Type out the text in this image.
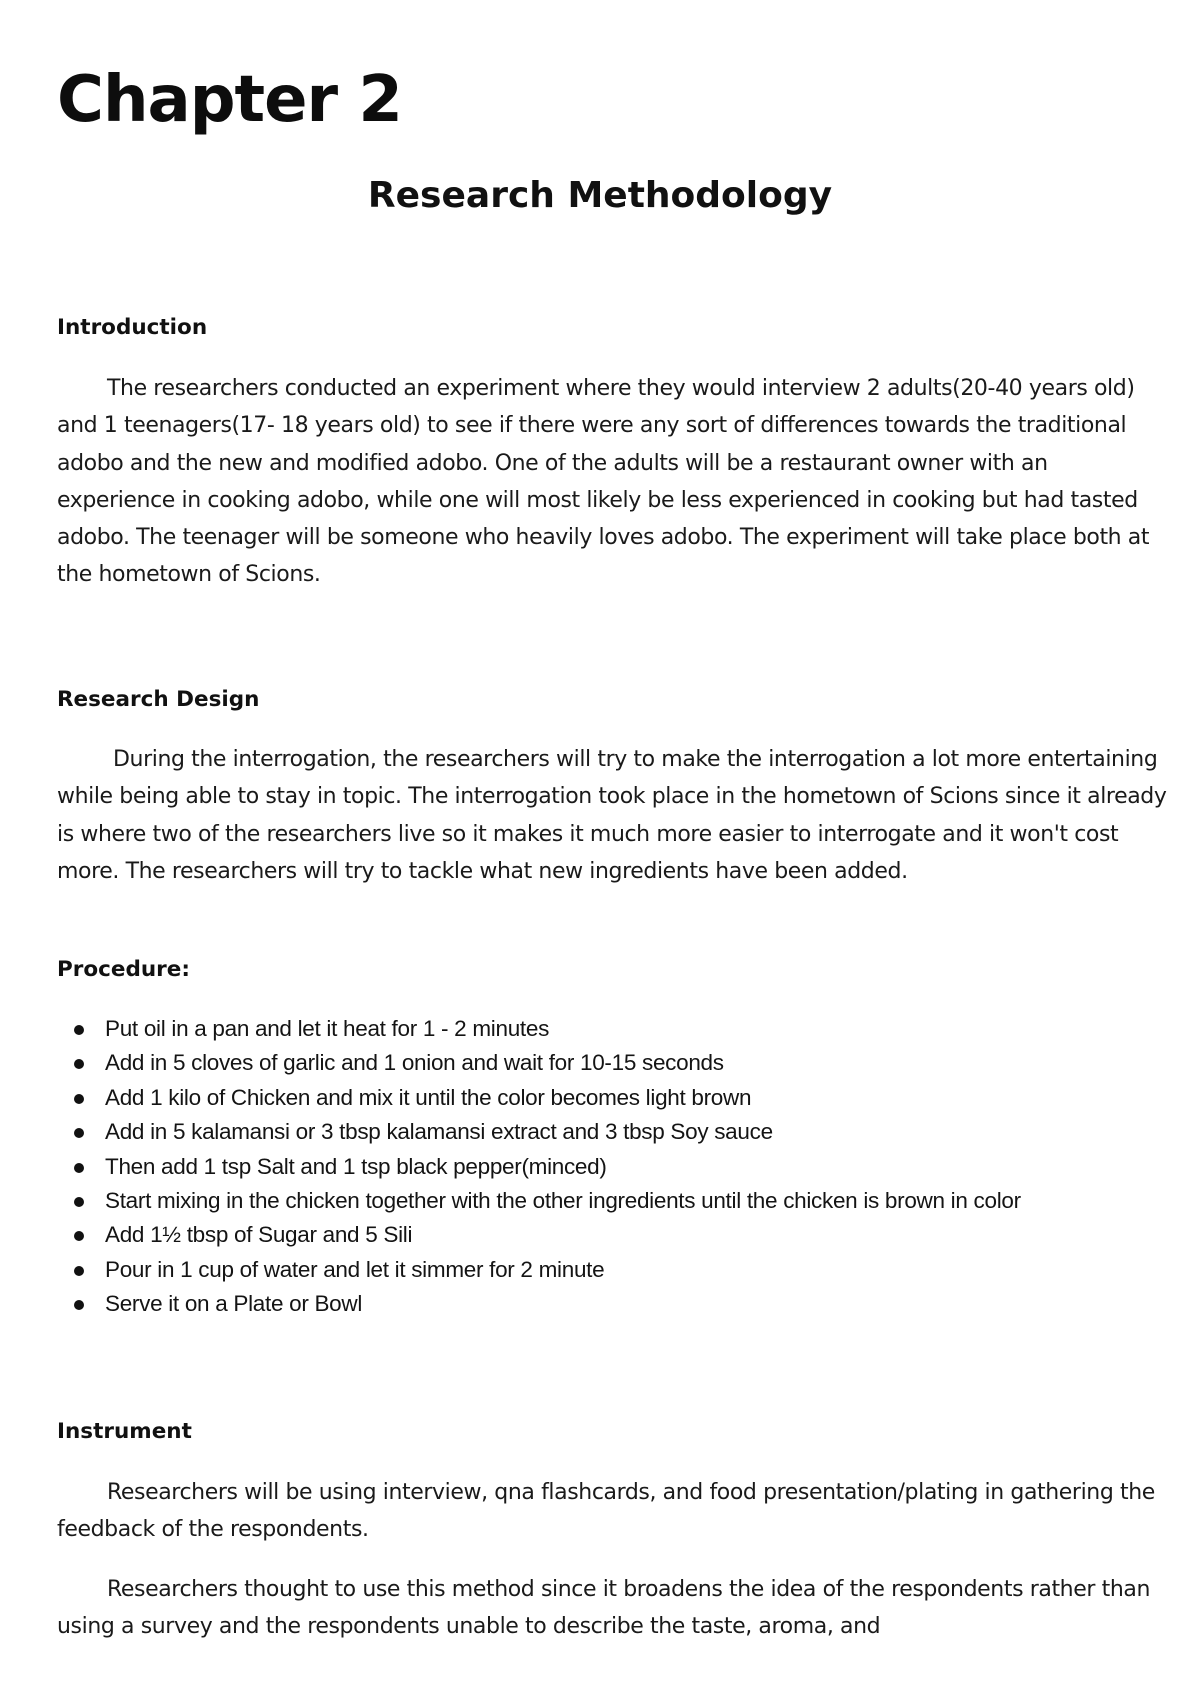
Chapter 2
Research Methodology
Introduction

The researchers conducted an experiment where they would interview 2 adults(20-40 years old) and 1 teenagers(17- 18 years old) to see if there were any sort of differences towards the traditional adobo and the new and modified adobo. One of the adults will be a restaurant owner with an experience in cooking adobo, while one will most likely be less experienced in cooking but had tasted adobo. The teenager will be someone who heavily loves adobo. The experiment will take place both at the hometown of Scions.

Research Design

During the interrogation, the researchers will try to make the interrogation a lot more entertaining while being able to stay in topic. The interrogation took place in the hometown of Scions since it already is where two of the researchers live so it makes it much more easier to interrogate and it won't cost more. The researchers will try to tackle what new ingredients have been added.

Procedure:
Put oil in a pan and let it heat for 1 - 2 minutes
Add in 5 cloves of garlic and 1 onion and wait for 10-15 seconds
Add 1 kilo of Chicken and mix it until the color becomes light brown
Add in 5 kalamansi or 3 tbsp kalamansi extract and 3 tbsp Soy sauce
Then add 1 tsp Salt and 1 tsp black pepper(minced)
Start mixing in the chicken together with the other ingredients until the chicken is brown in color
Add 1½ tbsp of Sugar and 5 Sili
Pour in 1 cup of water and let it simmer for 2 minute
Serve it on a Plate or Bowl
Instrument

Researchers will be using interview, qna flashcards, and food presentation/plating in gathering the feedback of the respondents.

Researchers thought to use this method since it broadens the idea of the respondents rather than using a survey and the respondents unable to describe the taste, aroma, and
